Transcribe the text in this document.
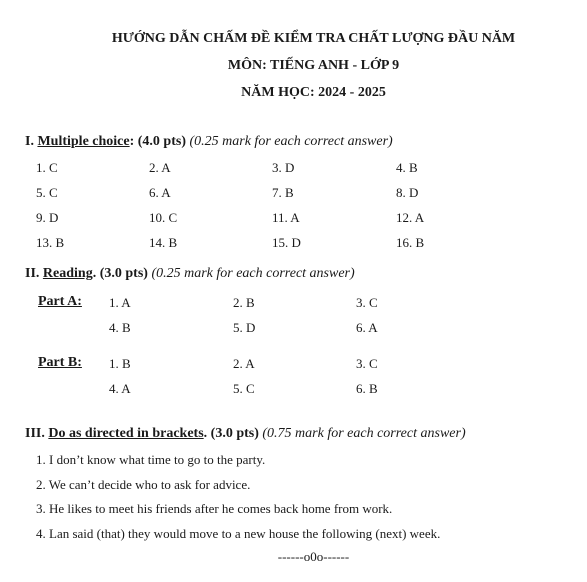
HƯỚNG DẪN CHẤM ĐỀ KIỂM TRA CHẤT LƯỢNG ĐẦU NĂM
MÔN: TIẾNG ANH - LỚP 9
NĂM HỌC: 2024 - 2025
I. Multiple choice: (4.0 pts) (0.25 mark for each correct answer)
1. C	2. A	3. D	4. B
5. C	6. A	7. B	8. D
9. D	10. C	11. A	12. A
13. B	14. B	15. D	16. B
II. Reading. (3.0 pts) (0.25 mark for each correct answer)
Part A: 1. A	2. B	3. C
4. B	5. D	6. A
Part B: 1. B	2. A	3. C
4. A	5. C	6. B
III. Do as directed in brackets. (3.0 pts) (0.75 mark for each correct answer)
1. I don’t know what time to go to the party.
2. We can’t decide who to ask for advice.
3. He likes to meet his friends after he comes back home from work.
4. Lan said (that) they would move to a new house the following (next) week.
------o0o------
